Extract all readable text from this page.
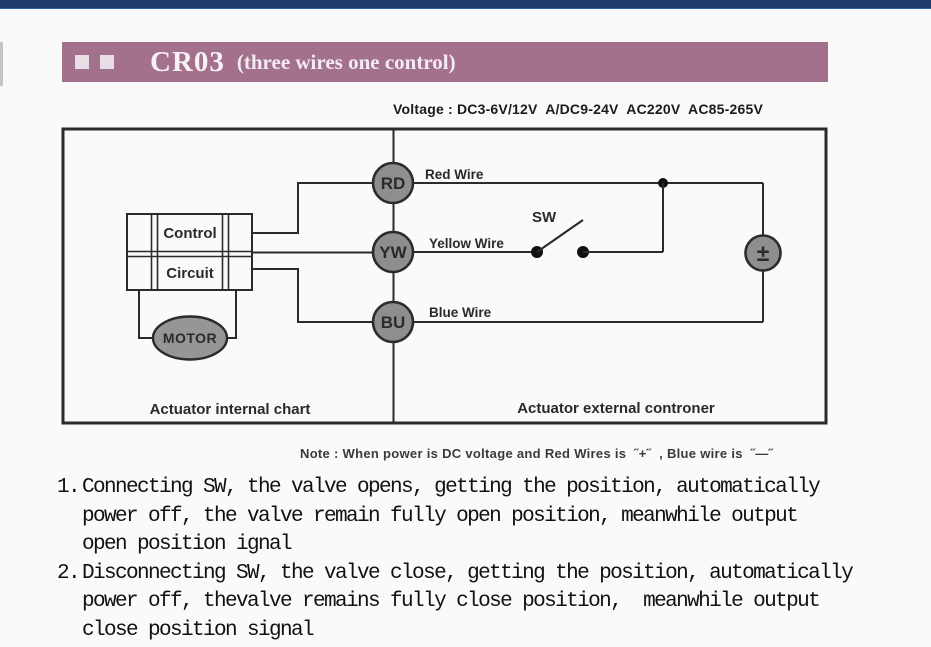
CR03 (three wires one control)
Voltage : DC3-6V/12V  A/DC9-24V  AC220V  AC85-265V
Control
Circuit
MOTOR
±
RD
YW
BU
Red Wire
Yellow Wire
Blue Wire
SW
Actuator internal chart	Actuator external controner
Note : When power is DC voltage and Red Wires is  ˝+˝  , Blue wire is  ˝—˝
1. Connecting SW, the valve opens, getting the position, automatically
power off, the valve remain fully open position, meanwhile output
open position ignal
2. Disconnecting SW, the valve close, getting the position, automatically
power off, thevalve remains fully close position,  meanwhile output
close position signal
